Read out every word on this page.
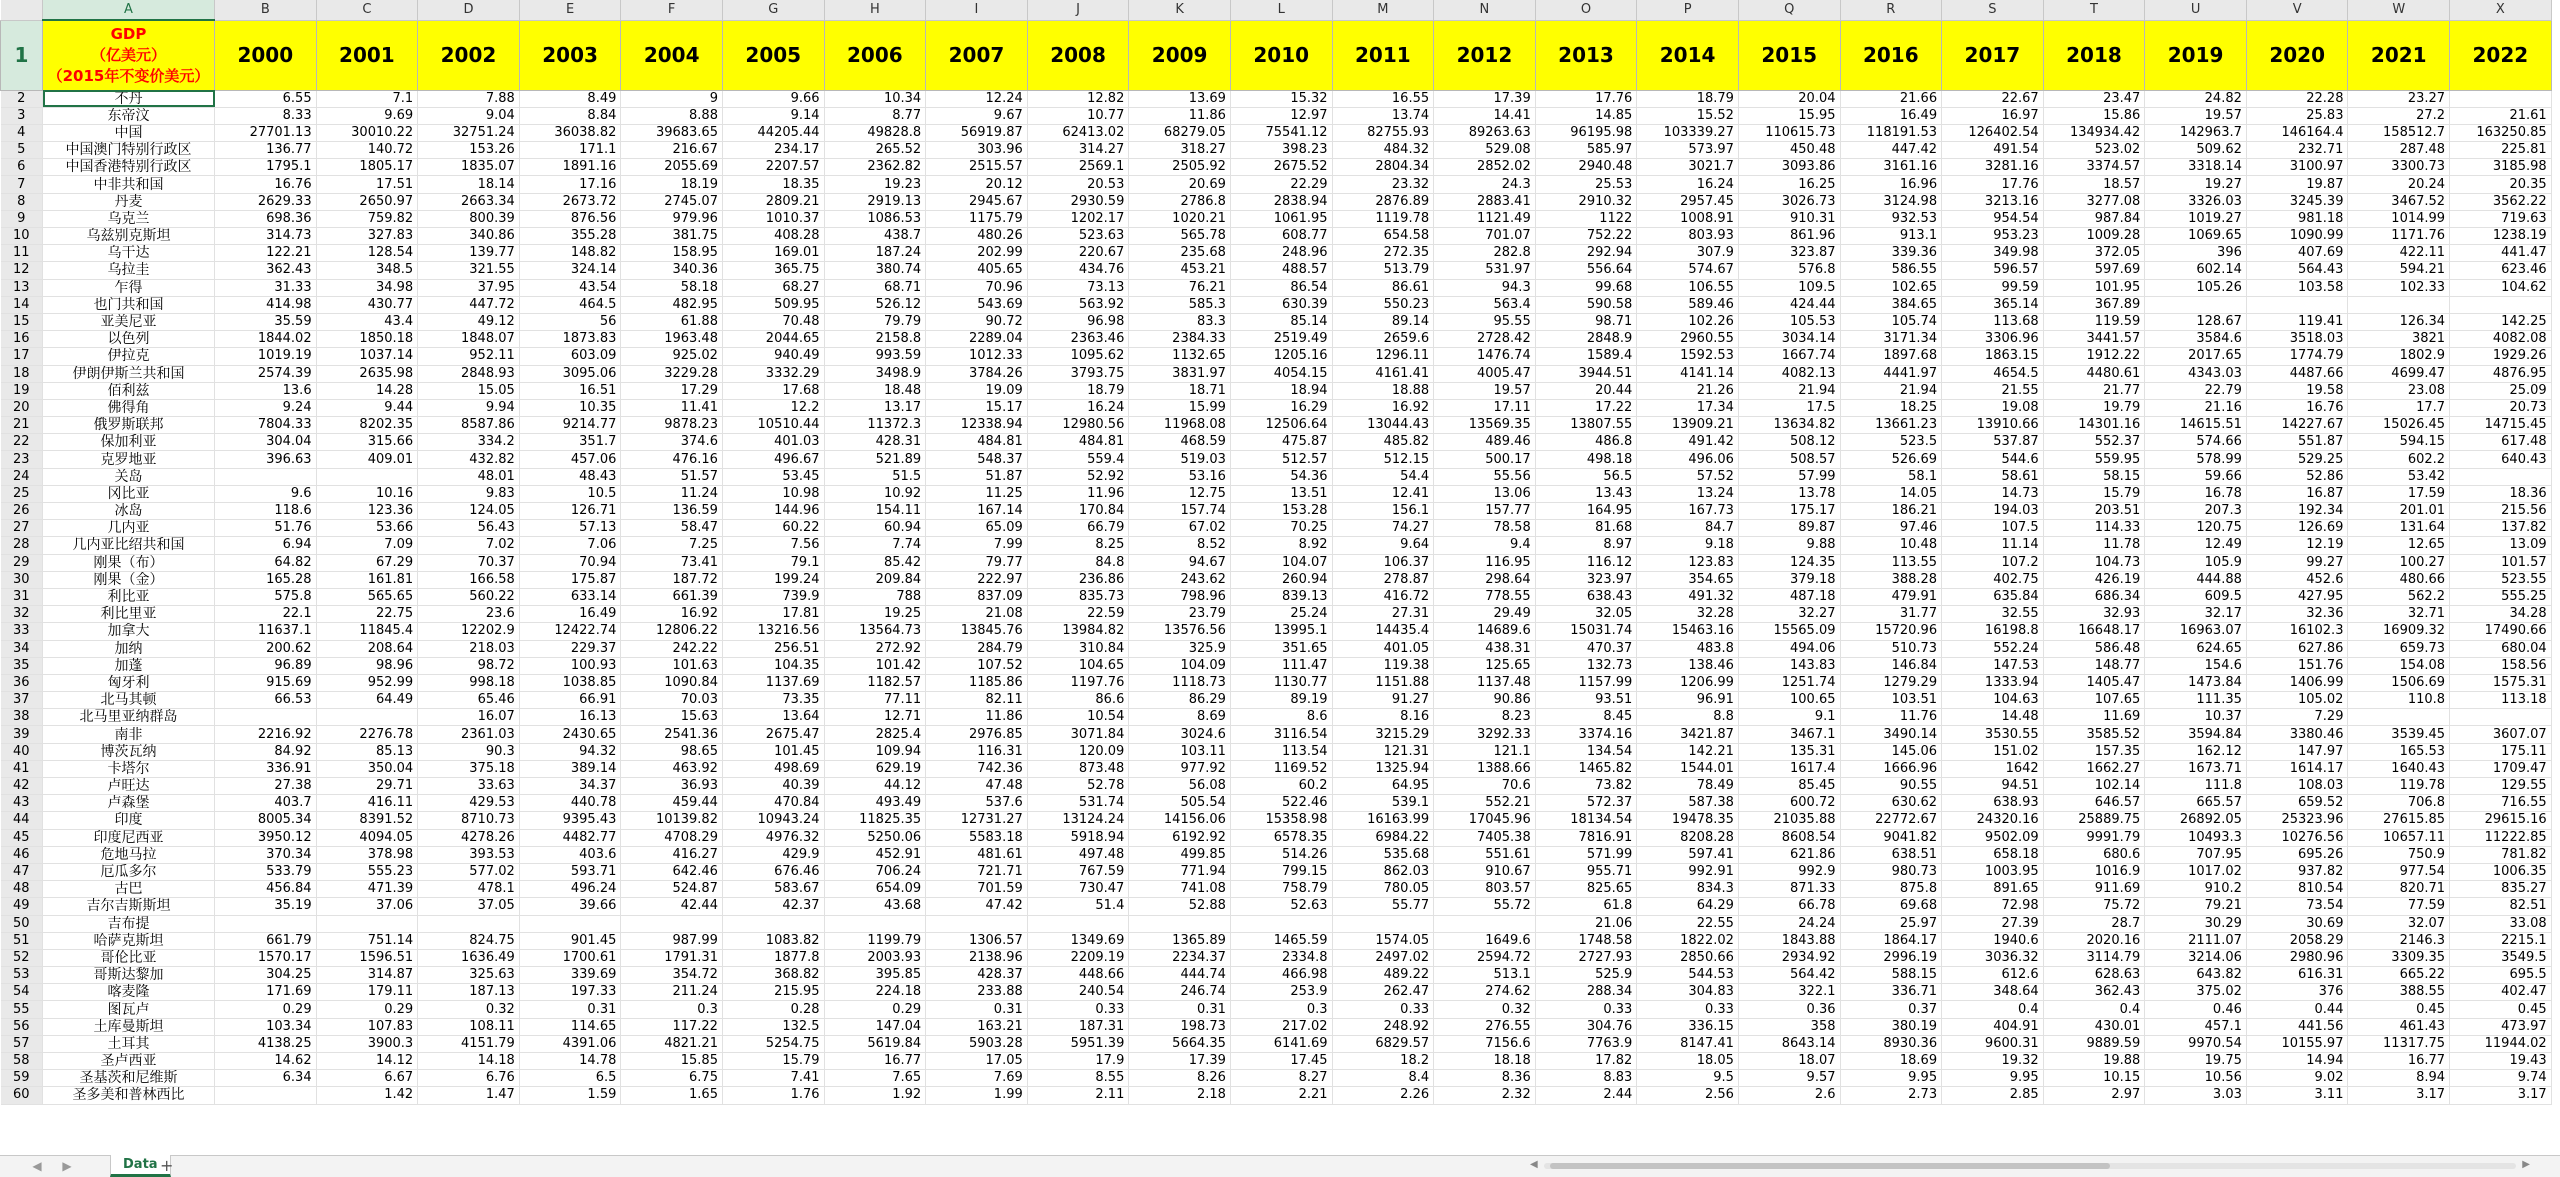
	A	B	C	D	E	F	G	H	I	J	K	L	M	N	O	P	Q	R	S	T	U	V	W	X
1	GDP
（亿美元）
（2015年不变价美元）	2000	2001	2002	2003	2004	2005	2006	2007	2008	2009	2010	2011	2012	2013	2014	2015	2016	2017	2018	2019	2020	2021	2022
2	不丹	6.55	7.1	7.88	8.49	9	9.66	10.34	12.24	12.82	13.69	15.32	16.55	17.39	17.76	18.79	20.04	21.66	22.67	23.47	24.82	22.28	23.27	
3	东帝汶	8.33	9.69	9.04	8.84	8.88	9.14	8.77	9.67	10.77	11.86	12.97	13.74	14.41	14.85	15.52	15.95	16.49	16.97	15.86	19.57	25.83	27.2	21.61
4	中国	27701.13	30010.22	32751.24	36038.82	39683.65	44205.44	49828.8	56919.87	62413.02	68279.05	75541.12	82755.93	89263.63	96195.98	103339.27	110615.73	118191.53	126402.54	134934.42	142963.7	146164.4	158512.7	163250.85
5	中国澳门特别行政区	136.77	140.72	153.26	171.1	216.67	234.17	265.52	303.96	314.27	318.27	398.23	484.32	529.08	585.97	573.97	450.48	447.42	491.54	523.02	509.62	232.71	287.48	225.81
6	中国香港特别行政区	1795.1	1805.17	1835.07	1891.16	2055.69	2207.57	2362.82	2515.57	2569.1	2505.92	2675.52	2804.34	2852.02	2940.48	3021.7	3093.86	3161.16	3281.16	3374.57	3318.14	3100.97	3300.73	3185.98
7	中非共和国	16.76	17.51	18.14	17.16	18.19	18.35	19.23	20.12	20.53	20.69	22.29	23.32	24.3	25.53	16.24	16.25	16.96	17.76	18.57	19.27	19.87	20.24	20.35
8	丹麦	2629.33	2650.97	2663.34	2673.72	2745.07	2809.21	2919.13	2945.67	2930.59	2786.8	2838.94	2876.89	2883.41	2910.32	2957.45	3026.73	3124.98	3213.16	3277.08	3326.03	3245.39	3467.52	3562.22
9	乌克兰	698.36	759.82	800.39	876.56	979.96	1010.37	1086.53	1175.79	1202.17	1020.21	1061.95	1119.78	1121.49	1122	1008.91	910.31	932.53	954.54	987.84	1019.27	981.18	1014.99	719.63
10	乌兹别克斯坦	314.73	327.83	340.86	355.28	381.75	408.28	438.7	480.26	523.63	565.78	608.77	654.58	701.07	752.22	803.93	861.96	913.1	953.23	1009.28	1069.65	1090.99	1171.76	1238.19
11	乌干达	122.21	128.54	139.77	148.82	158.95	169.01	187.24	202.99	220.67	235.68	248.96	272.35	282.8	292.94	307.9	323.87	339.36	349.98	372.05	396	407.69	422.11	441.47
12	乌拉圭	362.43	348.5	321.55	324.14	340.36	365.75	380.74	405.65	434.76	453.21	488.57	513.79	531.97	556.64	574.67	576.8	586.55	596.57	597.69	602.14	564.43	594.21	623.46
13	乍得	31.33	34.98	37.95	43.54	58.18	68.27	68.71	70.96	73.13	76.21	86.54	86.61	94.3	99.68	106.55	109.5	102.65	99.59	101.95	105.26	103.58	102.33	104.62
14	也门共和国	414.98	430.77	447.72	464.5	482.95	509.95	526.12	543.69	563.92	585.3	630.39	550.23	563.4	590.58	589.46	424.44	384.65	365.14	367.89				
15	亚美尼亚	35.59	43.4	49.12	56	61.88	70.48	79.79	90.72	96.98	83.3	85.14	89.14	95.55	98.71	102.26	105.53	105.74	113.68	119.59	128.67	119.41	126.34	142.25
16	以色列	1844.02	1850.18	1848.07	1873.83	1963.48	2044.65	2158.8	2289.04	2363.46	2384.33	2519.49	2659.6	2728.42	2848.9	2960.55	3034.14	3171.34	3306.96	3441.57	3584.6	3518.03	3821	4082.08
17	伊拉克	1019.19	1037.14	952.11	603.09	925.02	940.49	993.59	1012.33	1095.62	1132.65	1205.16	1296.11	1476.74	1589.4	1592.53	1667.74	1897.68	1863.15	1912.22	2017.65	1774.79	1802.9	1929.26
18	伊朗伊斯兰共和国	2574.39	2635.98	2848.93	3095.06	3229.28	3332.29	3498.9	3784.26	3793.75	3831.97	4054.15	4161.41	4005.47	3944.51	4141.14	4082.13	4441.97	4654.5	4480.61	4343.03	4487.66	4699.47	4876.95
19	佰利兹	13.6	14.28	15.05	16.51	17.29	17.68	18.48	19.09	18.79	18.71	18.94	18.88	19.57	20.44	21.26	21.94	21.94	21.55	21.77	22.79	19.58	23.08	25.09
20	佛得角	9.24	9.44	9.94	10.35	11.41	12.2	13.17	15.17	16.24	15.99	16.29	16.92	17.11	17.22	17.34	17.5	18.25	19.08	19.79	21.16	16.76	17.7	20.73
21	俄罗斯联邦	7804.33	8202.35	8587.86	9214.77	9878.23	10510.44	11372.3	12338.94	12980.56	11968.08	12506.64	13044.43	13569.35	13807.55	13909.21	13634.82	13661.23	13910.66	14301.16	14615.51	14227.67	15026.45	14715.45
22	保加利亚	304.04	315.66	334.2	351.7	374.6	401.03	428.31	484.81	484.81	468.59	475.87	485.82	489.46	486.8	491.42	508.12	523.5	537.87	552.37	574.66	551.87	594.15	617.48
23	克罗地亚	396.63	409.01	432.82	457.06	476.16	496.67	521.89	548.37	559.4	519.03	512.57	512.15	500.17	498.18	496.06	508.57	526.69	544.6	559.95	578.99	529.25	602.2	640.43
24	关岛			48.01	48.43	51.57	53.45	51.5	51.87	52.92	53.16	54.36	54.4	55.56	56.5	57.52	57.99	58.1	58.61	58.15	59.66	52.86	53.42	
25	冈比亚	9.6	10.16	9.83	10.5	11.24	10.98	10.92	11.25	11.96	12.75	13.51	12.41	13.06	13.43	13.24	13.78	14.05	14.73	15.79	16.78	16.87	17.59	18.36
26	冰岛	118.6	123.36	124.05	126.71	136.59	144.96	154.11	167.14	170.84	157.74	153.28	156.1	157.77	164.95	167.73	175.17	186.21	194.03	203.51	207.3	192.34	201.01	215.56
27	几内亚	51.76	53.66	56.43	57.13	58.47	60.22	60.94	65.09	66.79	67.02	70.25	74.27	78.58	81.68	84.7	89.87	97.46	107.5	114.33	120.75	126.69	131.64	137.82
28	几内亚比绍共和国	6.94	7.09	7.02	7.06	7.25	7.56	7.74	7.99	8.25	8.52	8.92	9.64	9.4	8.97	9.18	9.88	10.48	11.14	11.78	12.49	12.19	12.65	13.09
29	刚果（布）	64.82	67.29	70.37	70.94	73.41	79.1	85.42	79.77	84.8	94.67	104.07	106.37	116.95	116.12	123.83	124.35	113.55	107.2	104.73	105.9	99.27	100.27	101.57
30	刚果（金）	165.28	161.81	166.58	175.87	187.72	199.24	209.84	222.97	236.86	243.62	260.94	278.87	298.64	323.97	354.65	379.18	388.28	402.75	426.19	444.88	452.6	480.66	523.55
31	利比亚	575.8	565.65	560.22	633.14	661.39	739.9	788	837.09	835.73	798.96	839.13	416.72	778.55	638.43	491.32	487.18	479.91	635.84	686.34	609.5	427.95	562.2	555.25
32	利比里亚	22.1	22.75	23.6	16.49	16.92	17.81	19.25	21.08	22.59	23.79	25.24	27.31	29.49	32.05	32.28	32.27	31.77	32.55	32.93	32.17	32.36	32.71	34.28
33	加拿大	11637.1	11845.4	12202.9	12422.74	12806.22	13216.56	13564.73	13845.76	13984.82	13576.56	13995.1	14435.4	14689.6	15031.74	15463.16	15565.09	15720.96	16198.8	16648.17	16963.07	16102.3	16909.32	17490.66
34	加纳	200.62	208.64	218.03	229.37	242.22	256.51	272.92	284.79	310.84	325.9	351.65	401.05	438.31	470.37	483.8	494.06	510.73	552.24	586.48	624.65	627.86	659.73	680.04
35	加蓬	96.89	98.96	98.72	100.93	101.63	104.35	101.42	107.52	104.65	104.09	111.47	119.38	125.65	132.73	138.46	143.83	146.84	147.53	148.77	154.6	151.76	154.08	158.56
36	匈牙利	915.69	952.99	998.18	1038.85	1090.84	1137.69	1182.57	1185.86	1197.76	1118.73	1130.77	1151.88	1137.48	1157.99	1206.99	1251.74	1279.29	1333.94	1405.47	1473.84	1406.99	1506.69	1575.31
37	北马其顿	66.53	64.49	65.46	66.91	70.03	73.35	77.11	82.11	86.6	86.29	89.19	91.27	90.86	93.51	96.91	100.65	103.51	104.63	107.65	111.35	105.02	110.8	113.18
38	北马里亚纳群岛			16.07	16.13	15.63	13.64	12.71	11.86	10.54	8.69	8.6	8.16	8.23	8.45	8.8	9.1	11.76	14.48	11.69	10.37	7.29		
39	南非	2216.92	2276.78	2361.03	2430.65	2541.36	2675.47	2825.4	2976.85	3071.84	3024.6	3116.54	3215.29	3292.33	3374.16	3421.87	3467.1	3490.14	3530.55	3585.52	3594.84	3380.46	3539.45	3607.07
40	博茨瓦纳	84.92	85.13	90.3	94.32	98.65	101.45	109.94	116.31	120.09	103.11	113.54	121.31	121.1	134.54	142.21	135.31	145.06	151.02	157.35	162.12	147.97	165.53	175.11
41	卡塔尔	336.91	350.04	375.18	389.14	463.92	498.69	629.19	742.36	873.48	977.92	1169.52	1325.94	1388.66	1465.82	1544.01	1617.4	1666.96	1642	1662.27	1673.71	1614.17	1640.43	1709.47
42	卢旺达	27.38	29.71	33.63	34.37	36.93	40.39	44.12	47.48	52.78	56.08	60.2	64.95	70.6	73.82	78.49	85.45	90.55	94.51	102.14	111.8	108.03	119.78	129.55
43	卢森堡	403.7	416.11	429.53	440.78	459.44	470.84	493.49	537.6	531.74	505.54	522.46	539.1	552.21	572.37	587.38	600.72	630.62	638.93	646.57	665.57	659.52	706.8	716.55
44	印度	8005.34	8391.52	8710.73	9395.43	10139.82	10943.24	11825.35	12731.27	13124.24	14156.06	15358.98	16163.99	17045.96	18134.54	19478.35	21035.88	22772.67	24320.16	25889.75	26892.05	25323.96	27615.85	29615.16
45	印度尼西亚	3950.12	4094.05	4278.26	4482.77	4708.29	4976.32	5250.06	5583.18	5918.94	6192.92	6578.35	6984.22	7405.38	7816.91	8208.28	8608.54	9041.82	9502.09	9991.79	10493.3	10276.56	10657.11	11222.85
46	危地马拉	370.34	378.98	393.53	403.6	416.27	429.9	452.91	481.61	497.48	499.85	514.26	535.68	551.61	571.99	597.41	621.86	638.51	658.18	680.6	707.95	695.26	750.9	781.82
47	厄瓜多尔	533.79	555.23	577.02	593.71	642.46	676.46	706.24	721.71	767.59	771.94	799.15	862.03	910.67	955.71	992.91	992.9	980.73	1003.95	1016.9	1017.02	937.82	977.54	1006.35
48	古巴	456.84	471.39	478.1	496.24	524.87	583.67	654.09	701.59	730.47	741.08	758.79	780.05	803.57	825.65	834.3	871.33	875.8	891.65	911.69	910.2	810.54	820.71	835.27
49	吉尔吉斯斯坦	35.19	37.06	37.05	39.66	42.44	42.37	43.68	47.42	51.4	52.88	52.63	55.77	55.72	61.8	64.29	66.78	69.68	72.98	75.72	79.21	73.54	77.59	82.51
50	吉布提														21.06	22.55	24.24	25.97	27.39	28.7	30.29	30.69	32.07	33.08
51	哈萨克斯坦	661.79	751.14	824.75	901.45	987.99	1083.82	1199.79	1306.57	1349.69	1365.89	1465.59	1574.05	1649.6	1748.58	1822.02	1843.88	1864.17	1940.6	2020.16	2111.07	2058.29	2146.3	2215.1
52	哥伦比亚	1570.17	1596.51	1636.49	1700.61	1791.31	1877.8	2003.93	2138.96	2209.19	2234.37	2334.8	2497.02	2594.72	2727.93	2850.66	2934.92	2996.19	3036.32	3114.79	3214.06	2980.96	3309.35	3549.5
53	哥斯达黎加	304.25	314.87	325.63	339.69	354.72	368.82	395.85	428.37	448.66	444.74	466.98	489.22	513.1	525.9	544.53	564.42	588.15	612.6	628.63	643.82	616.31	665.22	695.5
54	喀麦隆	171.69	179.11	187.13	197.33	211.24	215.95	224.18	233.88	240.54	246.74	253.9	262.47	274.62	288.34	304.83	322.1	336.71	348.64	362.43	375.02	376	388.55	402.47
55	图瓦卢	0.29	0.29	0.32	0.31	0.3	0.28	0.29	0.31	0.33	0.31	0.3	0.33	0.32	0.33	0.33	0.36	0.37	0.4	0.4	0.46	0.44	0.45	0.45
56	土库曼斯坦	103.34	107.83	108.11	114.65	117.22	132.5	147.04	163.21	187.31	198.73	217.02	248.92	276.55	304.76	336.15	358	380.19	404.91	430.01	457.1	441.56	461.43	473.97
57	土耳其	4138.25	3900.3	4151.79	4391.06	4821.21	5254.75	5619.84	5903.28	5951.39	5664.35	6141.69	6829.57	7156.6	7763.9	8147.41	8643.14	8930.36	9600.31	9889.59	9970.54	10155.97	11317.75	11944.02
58	圣卢西亚	14.62	14.12	14.18	14.78	15.85	15.79	16.77	17.05	17.9	17.39	17.45	18.2	18.18	17.82	18.05	18.07	18.69	19.32	19.88	19.75	14.94	16.77	19.43
59	圣基茨和尼维斯	6.34	6.67	6.76	6.5	6.75	7.41	7.65	7.69	8.55	8.26	8.27	8.4	8.36	8.83	9.5	9.57	9.95	9.95	10.15	10.56	9.02	8.94	9.74
60	圣多美和普林西比		1.42	1.47	1.59	1.65	1.76	1.92	1.99	2.11	2.18	2.21	2.26	2.32	2.44	2.56	2.6	2.73	2.85	2.97	3.03	3.11	3.17	3.17
◀ ▶	Data +	◀	▶
